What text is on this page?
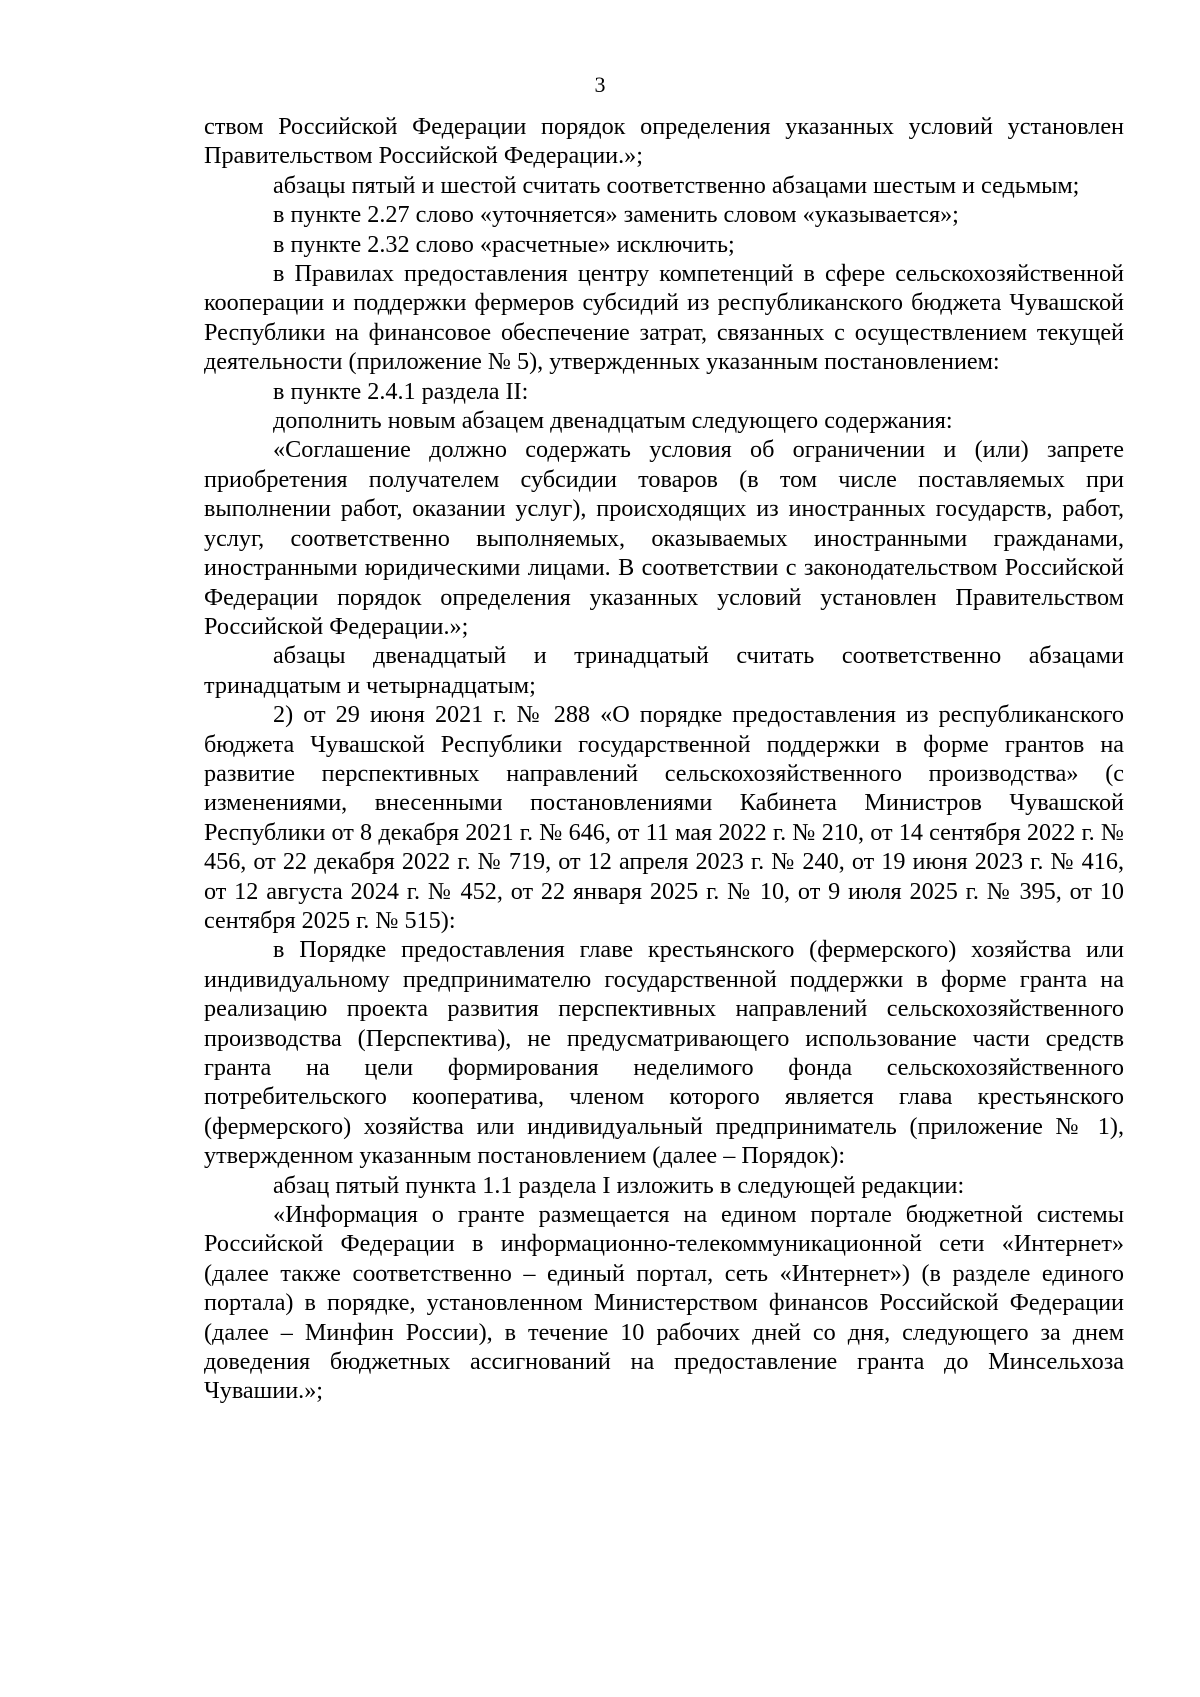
3

ством Российской Федерации порядок определения указанных условий установлен Правительством Российской Федерации.»;

абзацы пятый и шестой считать соответственно абзацами шестым и седьмым;

в пункте 2.27 слово «уточняется» заменить словом «указывается»;

в пункте 2.32 слово «расчетные» исключить;

в Правилах предоставления центру компетенций в сфере сельскохозяйственной кооперации и поддержки фермеров субсидий из республиканского бюджета Чувашской Республики на финансовое обеспечение затрат, связанных с осуществлением текущей деятельности (приложение № 5), утвержденных указанным постановлением:

в пункте 2.4.1 раздела II:

дополнить новым абзацем двенадцатым следующего содержания:

«Соглашение должно содержать условия об ограничении и (или) запрете приобретения получателем субсидии товаров (в том числе поставляемых при выполнении работ, оказании услуг), происходящих из иностранных государств, работ, услуг, соответственно выполняемых, оказываемых иностранными гражданами, иностранными юридическими лицами. В соответствии с законодательством Российской Федерации порядок определения указанных условий установлен Правительством Российской Федерации.»;

абзацы двенадцатый и тринадцатый считать соответственно абзацами тринадцатым и четырнадцатым;

2) от 29 июня 2021 г. № 288 «О порядке предоставления из республиканского бюджета Чувашской Республики государственной поддержки в форме грантов на развитие перспективных направлений сельскохозяйственного производства» (с изменениями, внесенными постановлениями Кабинета Министров Чувашской Республики от 8 декабря 2021 г. № 646, от 11 мая 2022 г. № 210, от 14 сентября 2022 г. № 456, от 22 декабря 2022 г. № 719, от 12 апреля 2023 г. № 240, от 19 июня 2023 г. № 416, от 12 августа 2024 г. № 452, от 22 января 2025 г. № 10, от 9 июля 2025 г. № 395, от 10 сентября 2025 г. № 515):

в Порядке предоставления главе крестьянского (фермерского) хозяйства или индивидуальному предпринимателю государственной поддержки в форме гранта на реализацию проекта развития перспективных направлений сельскохозяйственного производства (Перспектива), не предусматривающего использование части средств гранта на цели формирования неделимого фонда сельскохозяйственного потребительского кооператива, членом которого является глава крестьянского (фермерского) хозяйства или индивидуальный предприниматель (приложение № 1), утвержденном указанным постановлением (далее – Порядок):

абзац пятый пункта 1.1 раздела I изложить в следующей редакции:

«Информация о гранте размещается на едином портале бюджетной системы Российской Федерации в информационно-телекоммуникационной сети «Интернет» (далее также соответственно – единый портал, сеть «Интернет») (в разделе единого портала) в порядке, установленном Министерством финансов Российской Федерации (далее – Минфин России), в течение 10 рабочих дней со дня, следующего за днем доведения бюджетных ассигнований на предоставление гранта до Минсельхоза Чувашии.»;
